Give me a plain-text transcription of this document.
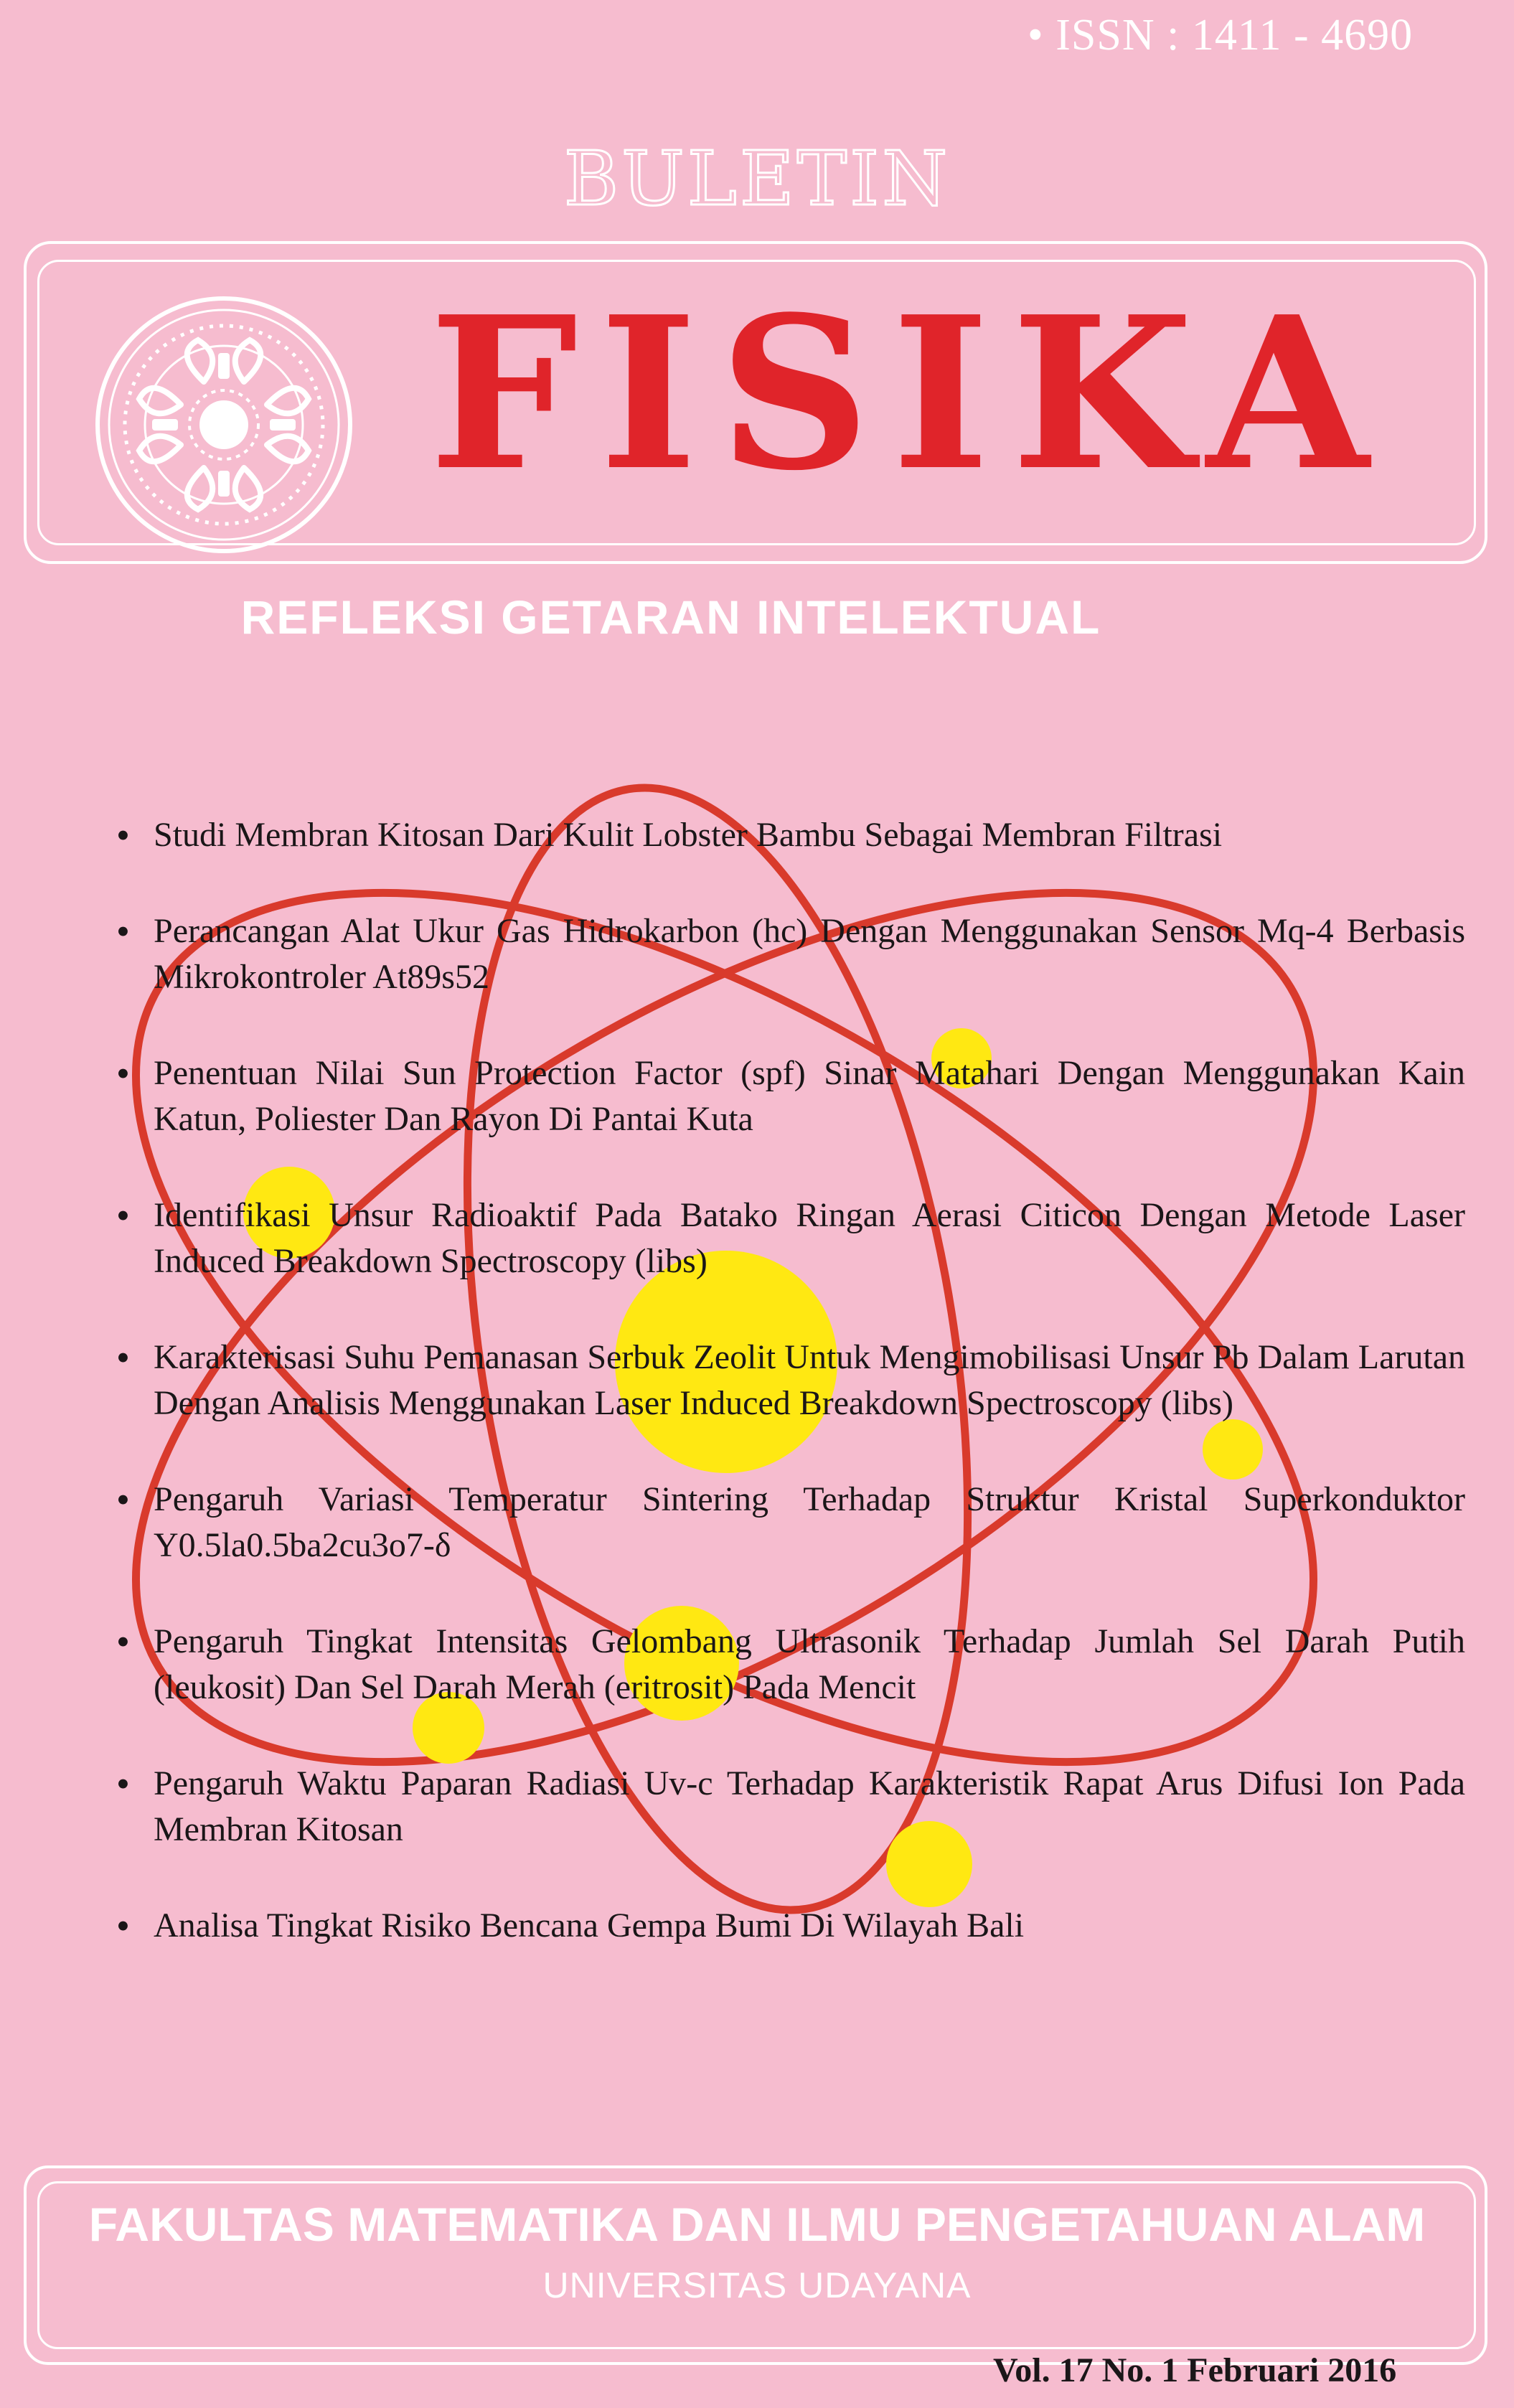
• ISSN : 1411 - 4690
BULETIN
FISIKA
REFLEKSI GETARAN INTELEKTUAL
• Studi Membran Kitosan Dari Kulit Lobster Bambu Sebagai Membran Filtrasi
• Perancangan Alat Ukur Gas Hidrokarbon (hc) Dengan Menggunakan Sensor Mq-4 Berbasis Mikrokontroler At89s52
• Penentuan Nilai Sun Protection Factor (spf) Sinar Matahari Dengan Menggunakan Kain Katun, Poliester Dan Rayon Di Pantai Kuta
• Identifikasi Unsur Radioaktif Pada Batako Ringan Aerasi Citicon Dengan Metode Laser Induced Breakdown Spectroscopy (libs)
• Karakterisasi Suhu Pemanasan Serbuk Zeolit Untuk Mengimobilisasi Unsur Pb Dalam Larutan Dengan Analisis Menggunakan Laser Induced Breakdown Spectroscopy (libs)
• Pengaruh Variasi Temperatur Sintering Terhadap Struktur Kristal Superkonduktor Y0.5la0.5ba2cu3o7-δ
• Pengaruh Tingkat Intensitas Gelombang Ultrasonik Terhadap Jumlah Sel Darah Putih (leukosit) Dan Sel Darah Merah (eritrosit) Pada Mencit
• Pengaruh Waktu Paparan Radiasi Uv-c Terhadap Karakteristik Rapat Arus Difusi Ion Pada Membran Kitosan
• Analisa Tingkat Risiko Bencana Gempa Bumi Di Wilayah Bali
FAKULTAS MATEMATIKA DAN ILMU PENGETAHUAN ALAM
UNIVERSITAS UDAYANA
Vol. 17 No. 1 Februari 2016
